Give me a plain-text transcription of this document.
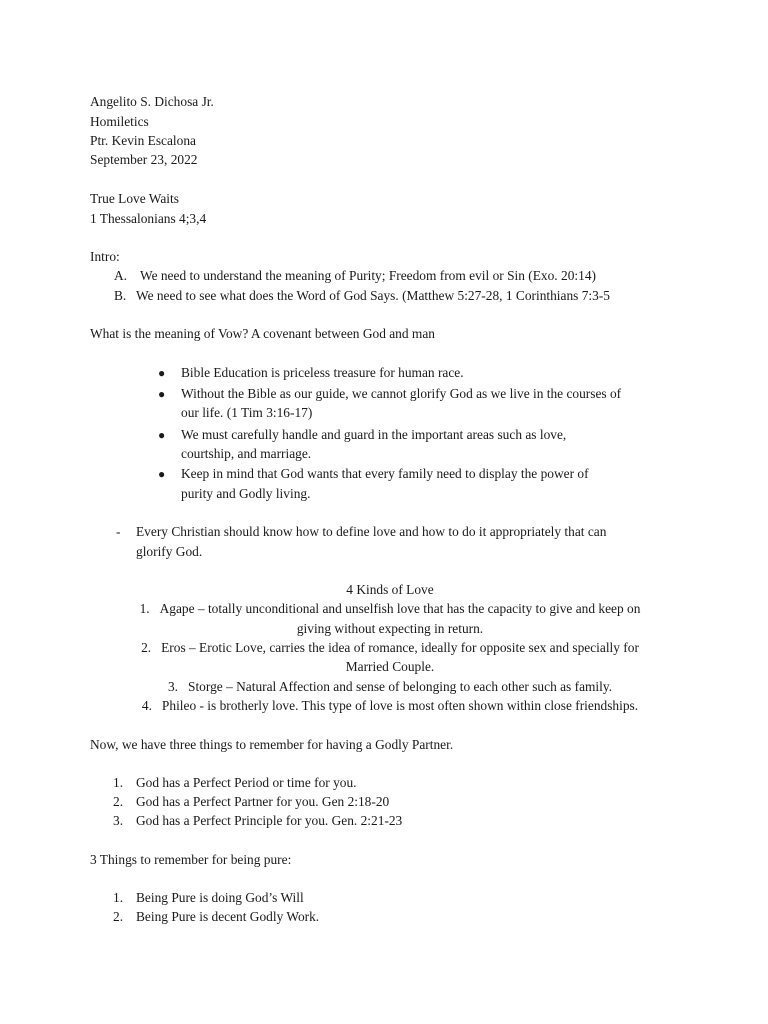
Angelito S. Dichosa Jr.
Homiletics
Ptr. Kevin Escalona
September 23, 2022
True Love Waits
1 Thessalonians 4;3,4
Intro:
A. We need to understand the meaning of Purity; Freedom from evil or Sin (Exo. 20:14)
B. We need to see what does the Word of God Says. (Matthew 5:27-28, 1 Corinthians 7:3-5
What is the meaning of Vow? A covenant between God and man
● Bible Education is priceless treasure for human race.
● Without the Bible as our guide, we cannot glorify God as we live in the courses of
our life. (1 Tim 3:16-17)
● We must carefully handle and guard in the important areas such as love,
courtship, and marriage.
● Keep in mind that God wants that every family need to display the power of
purity and Godly living.
- Every Christian should know how to define love and how to do it appropriately that can
glorify God.
4 Kinds of Love
1. Agape – totally unconditional and unselfish love that has the capacity to give and keep on
giving without expecting in return.
2. Eros – Erotic Love, carries the idea of romance, ideally for opposite sex and specially for
Married Couple.
3. Storge – Natural Affection and sense of belonging to each other such as family.
4. Phileo - is brotherly love. This type of love is most often shown within close friendships.
Now, we have three things to remember for having a Godly Partner.
1. God has a Perfect Period or time for you.
2. God has a Perfect Partner for you. Gen 2:18-20
3. God has a Perfect Principle for you. Gen. 2:21-23
3 Things to remember for being pure:
1. Being Pure is doing God’s Will
2. Being Pure is decent Godly Work.
